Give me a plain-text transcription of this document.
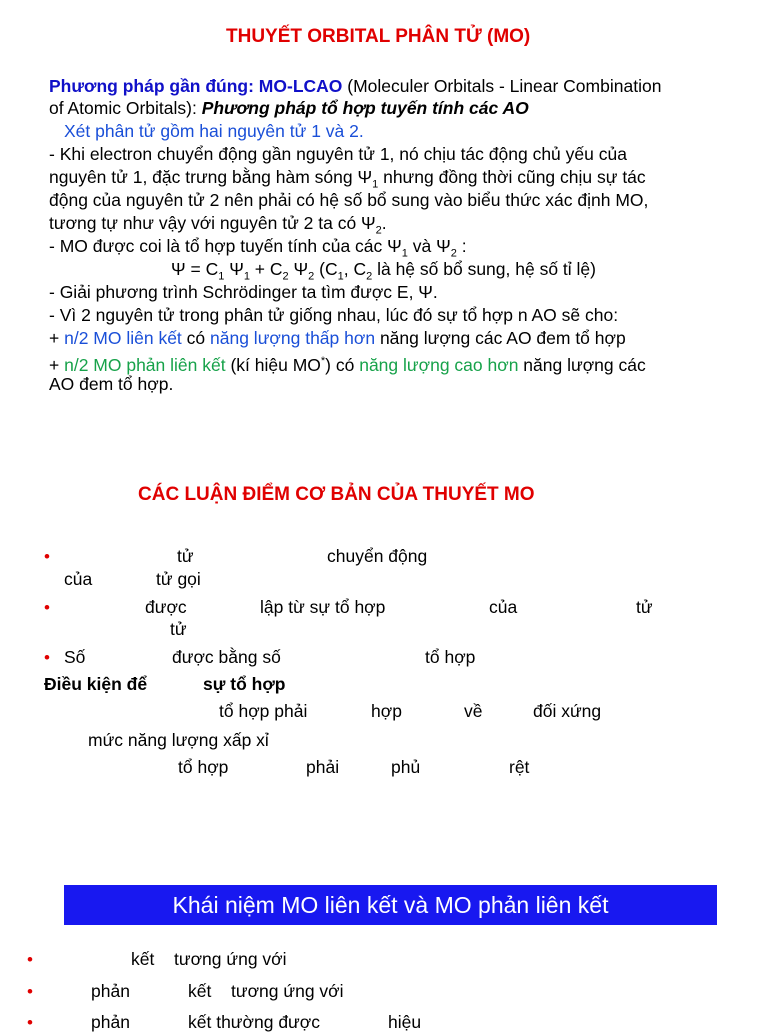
THUYẾT ORBITAL PHÂN TỬ (MO)
Phương pháp gần đúng: MO-LCAO (Moleculer Orbitals - Linear Combination
of Atomic Orbitals): Phương pháp tổ hợp tuyến tính các AO
Xét phân tử gồm hai nguyên tử 1 và 2.
- Khi electron chuyển động gần nguyên tử 1, nó chịu tác động chủ yếu của
nguyên tử 1, đặc trưng bằng hàm sóng $\Psi_1$ nhưng đồng thời cũng chịu sự tác
động của nguyên tử 2 nên phải có hệ số bổ sung vào biểu thức xác định MO,
tương tự như vậy với nguyên tử 2 ta có $\Psi_2$.
- MO được coi là tổ hợp tuyến tính của các $\Psi_1$ và $\Psi_2$ :
$\Psi = C_1$ $\Psi_1 + C_2$ $\Psi_2$ ($C_1$, $C_2$ là hệ số bổ sung, hệ số tỉ lệ)
- Giải phương trình Schrödinger ta tìm được E, Ψ.
- Vì 2 nguyên tử trong phân tử giống nhau, lúc đó sự tổ hợp n AO sẽ cho:
+ n/2 MO liên kết có năng lượng thấp hơn năng lượng các AO đem tổ hợp
+ n/2 MO phản liên kết (kí hiệu MO*) có năng lượng cao hơn năng lượng các
AO đem tổ hợp.
CÁC LUẬN ĐIỂM CƠ BẢN CỦA THUYẾT MO
•	tử	chuyển động
của	tử gọi
•	được	lập từ sự tổ hợp	của	tử
tử
• Số	được bằng số	tổ hợp
Điều kiện để	sự tổ hợp
tổ hợp phải	hợp	về	đối xứng
mức năng lượng xấp xỉ
tổ hợp	phải	phủ	rệt
Khái niệm MO liên kết và MO phản liên kết
•	kết tương ứng với
•	phản	kết tương ứng với
•	phản	kết thường được	hiệu
